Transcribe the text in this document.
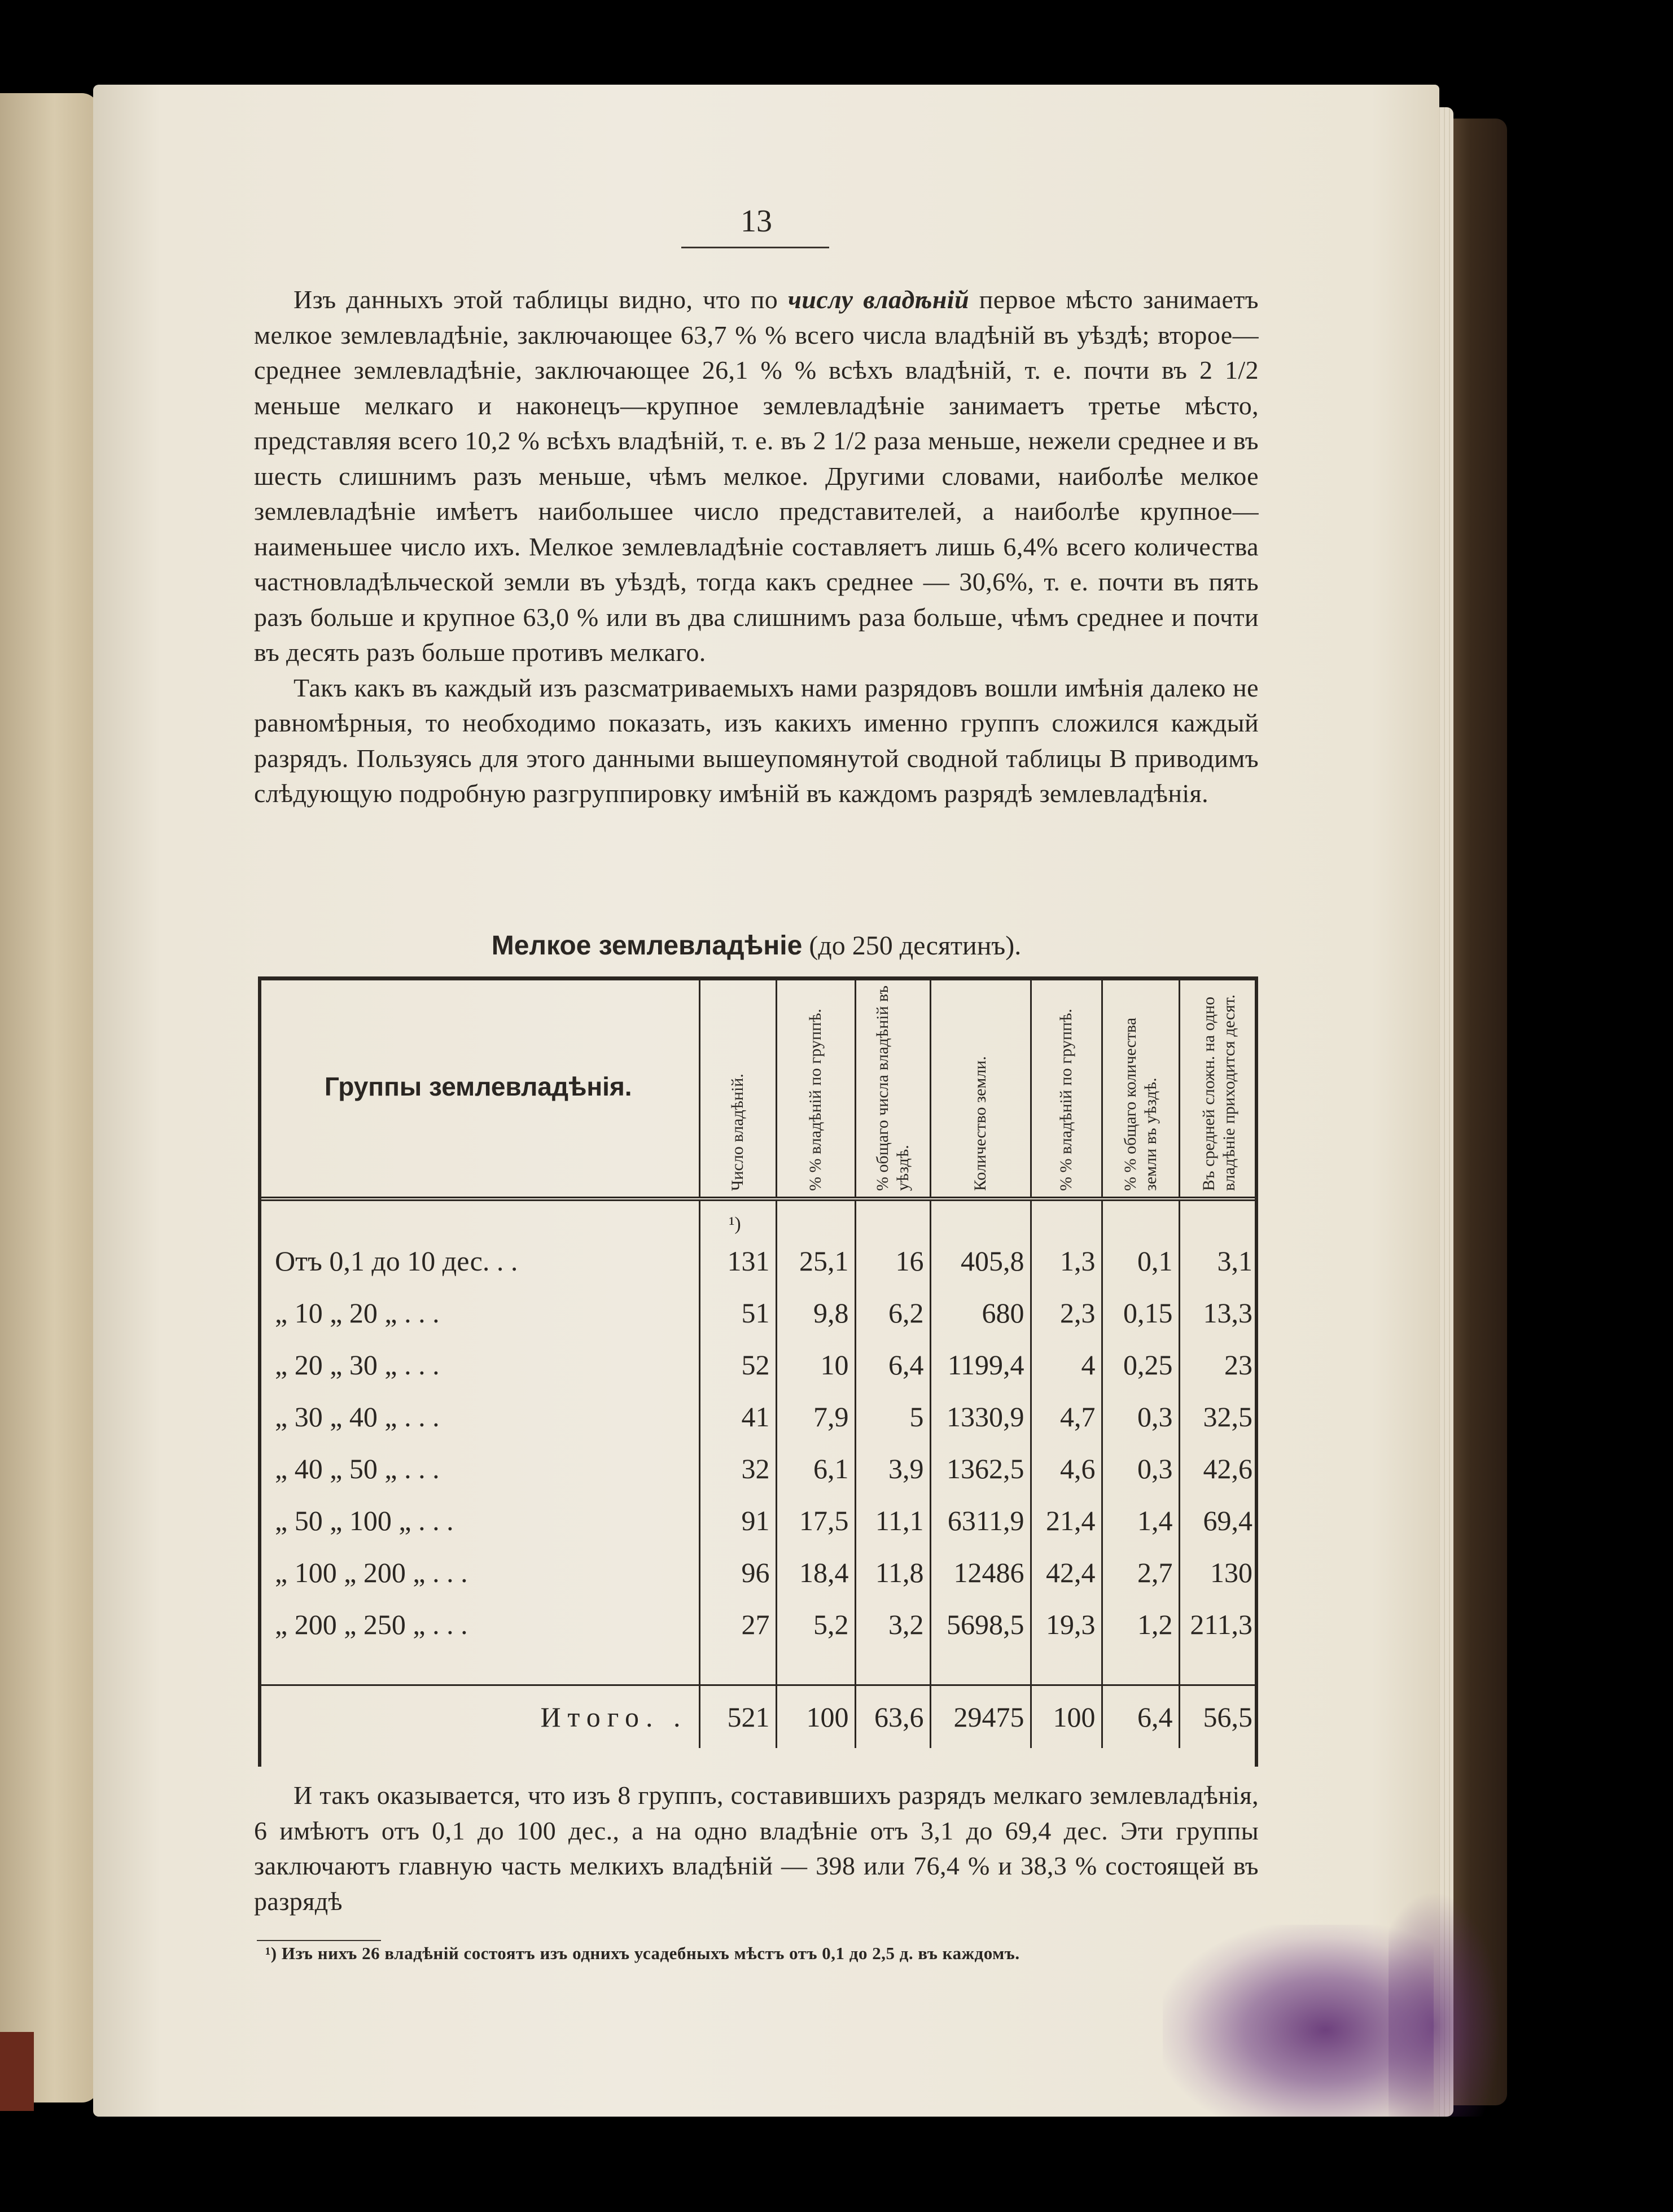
13

Изъ данныхъ этой таблицы видно, что по числу владѣній первое мѣсто занимаетъ мелкое землевладѣніе, заключающее 63,7 % % всего числа владѣній въ уѣздѣ; второе—среднее землевладѣніе, заключающее 26,1 % % всѣхъ владѣній, т. е. почти въ 2 1/2 меньше мелкаго и наконецъ—крупное землевладѣніе занимаетъ третье мѣсто, представляя всего 10,2 % всѣхъ владѣній, т. е. въ 2 1/2 раза меньше, нежели среднее и въ шесть слишнимъ разъ меньше, чѣмъ мелкое. Другими словами, наиболѣе мелкое землевладѣніе имѣетъ наибольшее число представителей, а наиболѣе крупное—наименьшее число ихъ. Мелкое землевладѣніе составляетъ лишь 6,4% всего количества частновладѣльческой земли въ уѣздѣ, тогда какъ среднее — 30,6%, т. е. почти въ пять разъ больше и крупное 63,0 % или въ два слишнимъ раза больше, чѣмъ среднее и почти въ десять разъ больше противъ мелкаго.

Такъ какъ въ каждый изъ разсматриваемыхъ нами разрядовъ вошли имѣнія далеко не равномѣрныя, то необходимо показать, изъ какихъ именно группъ сложился каждый разрядъ. Пользуясь для этого данными вышеупомянутой сводной таблицы В приводимъ слѣдующую подробную разгруппировку имѣній въ каждомъ разрядѣ землевладѣнія.

Мелкое землевладѣніе (до 250 десятинъ).
Группы землевладѣнія.	Число владѣній.	% % владѣній по группѣ.	% общаго числа владѣній въ уѣздѣ.	Количество земли.	% % владѣній по группѣ.	% % общаго количества земли въ уѣздѣ.	Въ средней сложн. на одно владѣніе приходится десят.

	¹)						
Отъ 0,1 до 10 дес. . .	131	25,1	16	405,8	1,3	0,1	3,1
„ 10 „ 20 „ . . .	51	9,8	6,2	680	2,3	0,15	13,3
„ 20 „ 30 „ . . .	52	10	6,4	1199,4	4	0,25	23
„ 30 „ 40 „ . . .	41	7,9	5	1330,9	4,7	0,3	32,5
„ 40 „ 50 „ . . .	32	6,1	3,9	1362,5	4,6	0,3	42,6
„ 50 „ 100 „ . . .	91	17,5	11,1	6311,9	21,4	1,4	69,4
„ 100 „ 200 „ . . .	96	18,4	11,8	12486	42,4	2,7	130
„ 200 „ 250 „ . . .	27	5,2	3,2	5698,5	19,3	1,2	211,3

Итого. .	521	100	63,6	29475	100	6,4	56,5

И такъ оказывается, что изъ 8 группъ, составившихъ разрядъ мелкаго землевладѣнія, 6 имѣютъ отъ 0,1 до 100 дес., а на одно владѣніе отъ 3,1 до 69,4 дес. Эти группы заключаютъ главную часть мелкихъ владѣній — 398 или 76,4 % и 38,3 % состоящей въ разрядѣ

¹) Изъ нихъ 26 владѣній состоятъ изъ однихъ усадебныхъ мѣстъ отъ 0,1 до 2,5 д. въ каждомъ.
